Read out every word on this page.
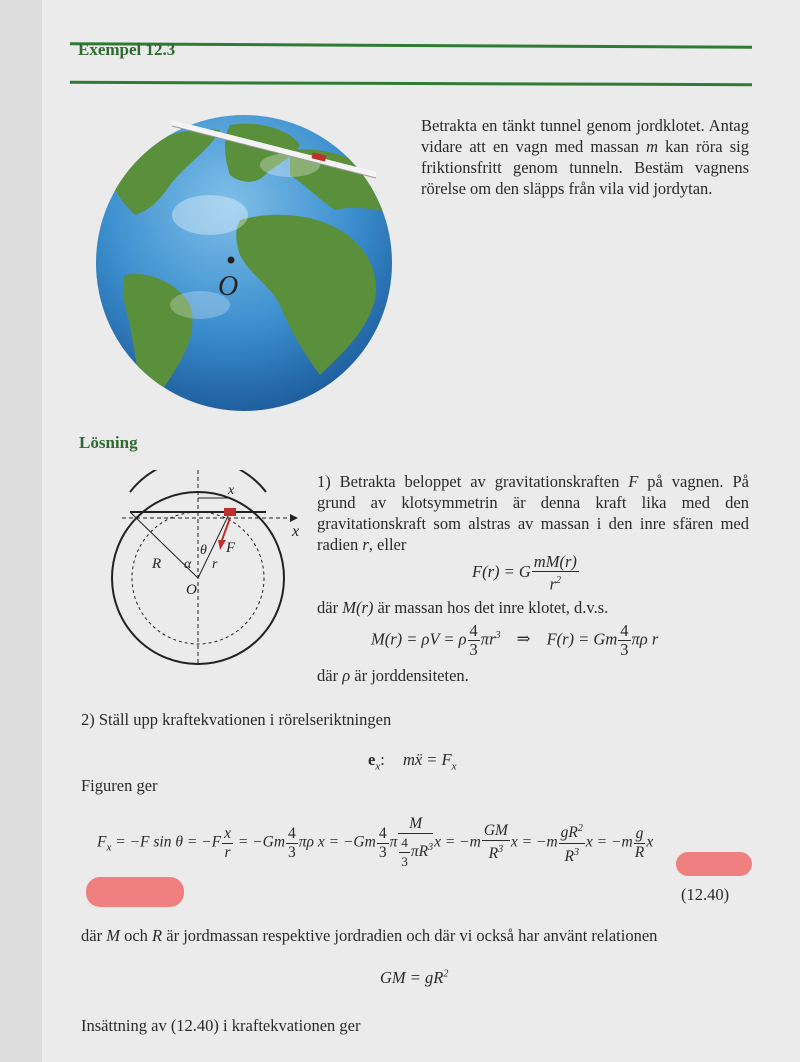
Exempel 12.3
O
Betrakta en tänkt tunnel genom jordklotet. Antag vidare att en vagn med massan m kan röra sig friktionsfritt genom tunneln. Bestäm vagnens rörelse om den släpps från vila vid jordytan.
Lösning
x
x
θ F
R α r
O
1) Betrakta beloppet av gravitationskraften F på vagnen. På grund av klotsymmetrin är denna kraft lika med den gravitationskraft som alstras av massan i den inre sfären med radien r, eller
F(r) = G $\frac{mM(r)}{r^2}$
där M(r) är massan hos det inre klotet, d.v.s.
M(r) = ρV = ρ $\frac{4}{3} \pi r^3$ ⇒ F(r) = Gm $\frac{4}{3}$ πρ r
där ρ är jorddensiteten.
2) Ställ upp kraftekvationen i rörelseriktningen
$e_x$: mẍ = $F_x$
Figuren ger
$F_x = -F$ $\sin \theta = -F \frac{x}{r} = -Gm \frac{4}{3}$ πρ $x = -Gm \frac{4}{3}$ π $\frac{M}{\frac{4}{3} \pi R^3}$ $x = -m \frac{GM}{R^3}$ $x = -m \frac{gR^2}{R^3}$ $x = -m \frac{g}{R}$ x
(12.40)
där M och R är jordmassan respektive jordradien och där vi också har använt relationen
GM = $gR^2$
Insättning av (12.40) i kraftekvationen ger
